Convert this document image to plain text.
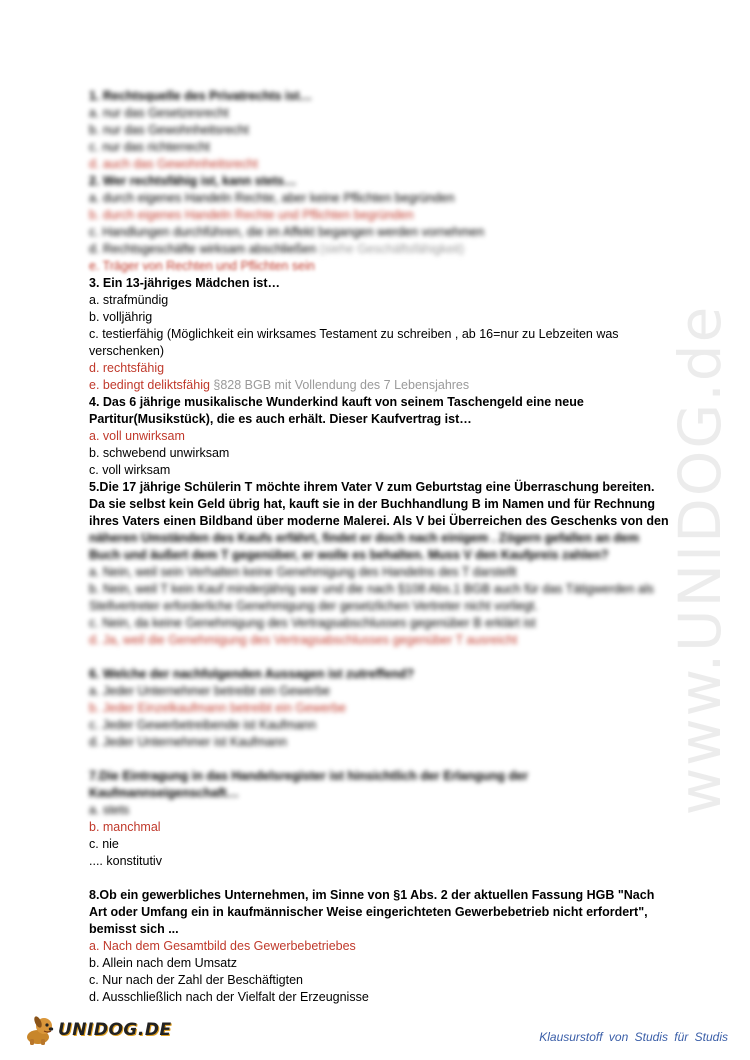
www.UNIDOG.de
1. Rechtsquelle des Privatrechts ist…
a. nur das Gesetzesrecht
b. nur das Gewohnheitsrecht
c. nur das richterrecht
d. auch das Gewohnheitsrecht
2. Wer rechtsfähig ist, kann stets…
a. durch eigenes Handeln Rechte, aber keine Pflichten begründen
b. durch eigenes Handeln Rechte und Pflichten begründen
c. Handlungen durchführen, die im Affekt begangen werden vornehmen
d. Rechtsgeschäfte wirksam abschließen (siehe Geschäftsfähigkeit)
e. Träger von Rechten und Pflichten sein
3. Ein 13-jähriges Mädchen ist…
a. strafmündig
b. volljährig
c. testierfähig (Möglichkeit ein wirksames Testament zu schreiben , ab 16=nur zu Lebzeiten was verschenken)
d. rechtsfähig
e. bedingt deliktsfähig §828 BGB mit Vollendung des 7 Lebensjahres
4. Das 6 jährige musikalische Wunderkind kauft von seinem Taschengeld eine neue Partitur(Musikstück), die es auch erhält. Dieser Kaufvertrag ist…
a. voll unwirksam
b. schwebend unwirksam
c. voll wirksam
5.Die 17 jährige Schülerin T möchte ihrem Vater V zum Geburtstag eine Überraschung bereiten. Da sie selbst kein Geld übrig hat, kauft sie in der Buchhandlung B im Namen und für Rechnung ihres Vaters einen Bildband über moderne Malerei. Als V bei Überreichen des Geschenks von den
näheren Umständen des Kaufs erfährt, findet er doch nach einigem . Zögern gefallen an dem Buch und äußert dem T gegenüber, er wolle es behalten. Muss V den Kaufpreis zahlen?
a. Nein, weil sein Verhalten keine Genehmigung des Handelns des T darstellt
b. Nein, weil T kein Kauf minderjährig war und die nach §108 Abs.1 BGB auch für das Tätigwerden als Stellvertreter erforderliche Genehmigung der gesetzlichen Vertreter nicht vorliegt.
c. Nein, da keine Genehmigung des Vertragsabschlusses gegenüber B erklärt ist
d. Ja, weil die Genehmigung des Vertragsabschlusses gegenüber T ausreicht
6. Welche der nachfolgenden Aussagen ist zutreffend?
a. Jeder Unternehmer betreibt ein Gewerbe
b. Jeder Einzelkaufmann betreibt ein Gewerbe
c. Jeder Gewerbetreibende ist Kaufmann
d. Jeder Unternehmer ist Kaufmann
7.Die Eintragung in das Handelsregister ist hinsichtlich der Erlangung der Kaufmannseigenschaft…
a. stets
b. manchmal
c. nie
.... konstitutiv
8.Ob ein gewerbliches Unternehmen, im Sinne von §1 Abs. 2 der aktuellen Fassung HGB "Nach Art oder Umfang ein in kaufmännischer Weise eingerichteten Gewerbebetrieb nicht erfordert", bemisst sich ...
a. Nach dem Gesamtbild des Gewerbebetriebes
b. Allein nach dem Umsatz
c. Nur nach der Zahl der Beschäftigten
d. Ausschließlich nach der Vielfalt der Erzeugnisse
UNIDOG.DE	Klausurstoff von Studis für Studis
